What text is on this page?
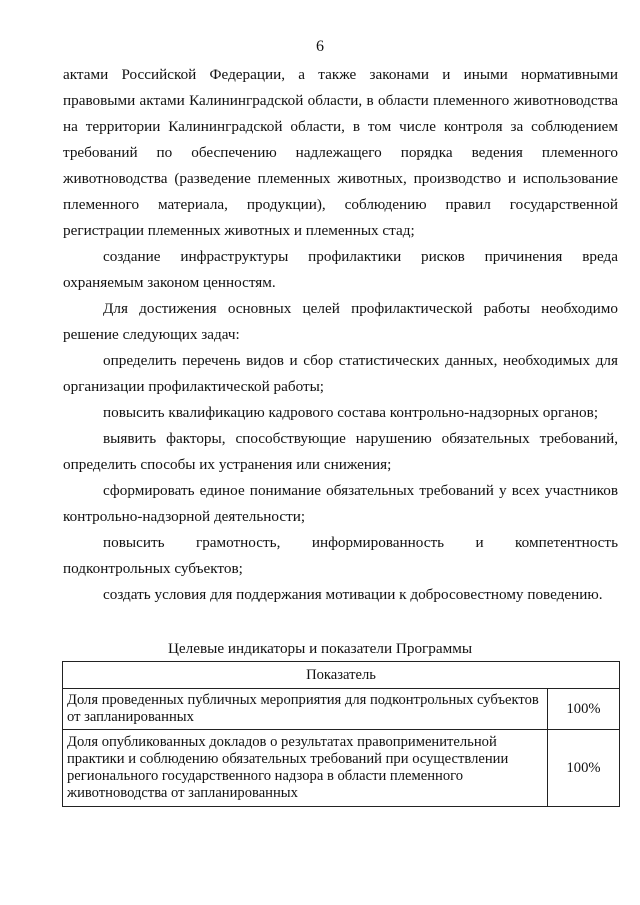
6

актами Российской Федерации, а также законами и иными нормативными правовыми актами Калининградской области, в области племенного животноводства на территории Калининградской области, в том числе контроля за соблюдением требований по обеспечению надлежащего порядка ведения племенного животноводства (разведение племенных животных, производство и использование племенного материала, продукции), соблюдению правил государственной регистрации племенных животных и племенных стад;

создание инфраструктуры профилактики рисков причинения вреда охраняемым законом ценностям.

Для достижения основных целей профилактической работы необходимо решение следующих задач:

определить перечень видов и сбор статистических данных, необходимых для организации профилактической работы;

повысить квалификацию кадрового состава контрольно-надзорных органов;

выявить факторы, способствующие нарушению обязательных требований, определить способы их устранения или снижения;

сформировать единое понимание обязательных требований у всех участников контрольно-надзорной деятельности;

повысить грамотность, информированность и компетентность подконтрольных субъектов;

создать условия для поддержания мотивации к добросовестному поведению.

Целевые индикаторы и показатели Программы
Показатель	
Доля проведенных публичных мероприятия для подконтрольных субъектов от запланированных	100%
Доля опубликованных докладов о результатах правоприменительной практики и соблюдению обязательных требований при осуществлении регионального государственного надзора в области племенного животноводства от запланированных	100%
